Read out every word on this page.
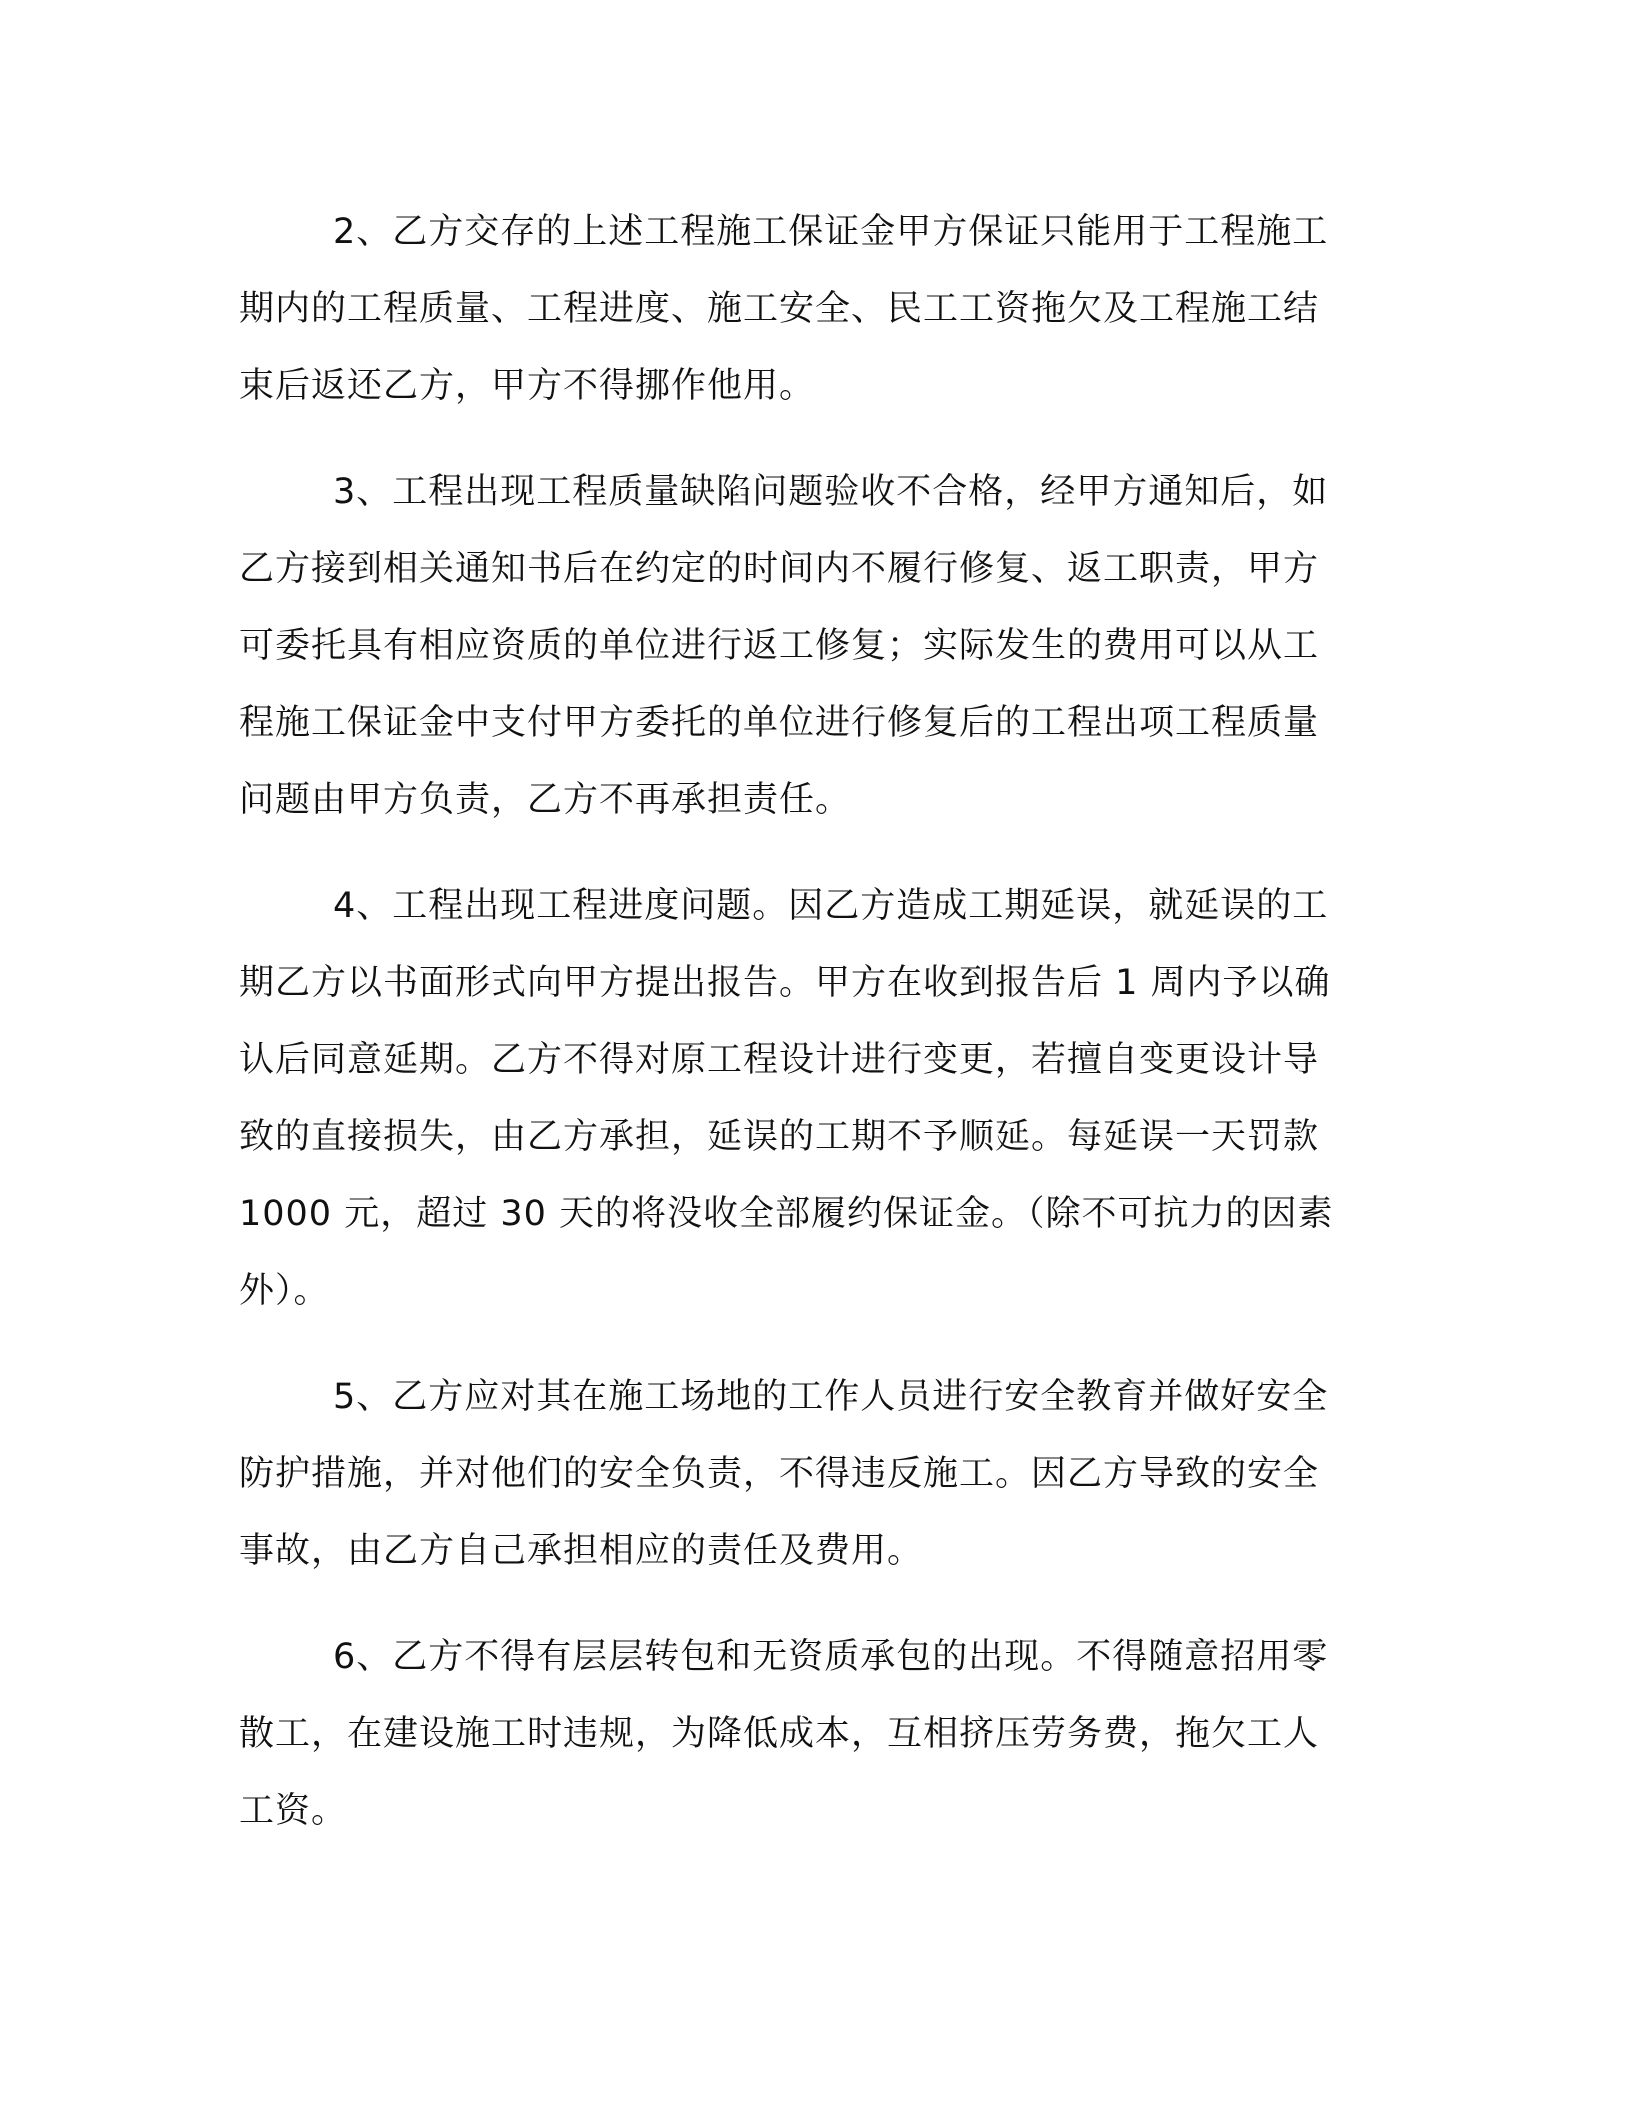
2、乙方交存的上述工程施工保证金甲方保证只能用于工程施工
期内的工程质量、工程进度、施工安全、民工工资拖欠及工程施工结
束后返还乙方，甲方不得挪作他用。

3、工程出现工程质量缺陷问题验收不合格，经甲方通知后，如
乙方接到相关通知书后在约定的时间内不履行修复、返工职责，甲方
可委托具有相应资质的单位进行返工修复；实际发生的费用可以从工
程施工保证金中支付甲方委托的单位进行修复后的工程出项工程质量
问题由甲方负责，乙方不再承担责任。

4、工程出现工程进度问题。因乙方造成工期延误，就延误的工
期乙方以书面形式向甲方提出报告。甲方在收到报告后 1 周内予以确
认后同意延期。乙方不得对原工程设计进行变更，若擅自变更设计导
致的直接损失，由乙方承担，延误的工期不予顺延。每延误一天罚款
1000 元，超过 30 天的将没收全部履约保证金。（除不可抗力的因素
外）。

5、乙方应对其在施工场地的工作人员进行安全教育并做好安全
防护措施，并对他们的安全负责，不得违反施工。因乙方导致的安全
事故，由乙方自己承担相应的责任及费用。

6、乙方不得有层层转包和无资质承包的出现。不得随意招用零
散工，在建设施工时违规，为降低成本，互相挤压劳务费，拖欠工人
工资。
